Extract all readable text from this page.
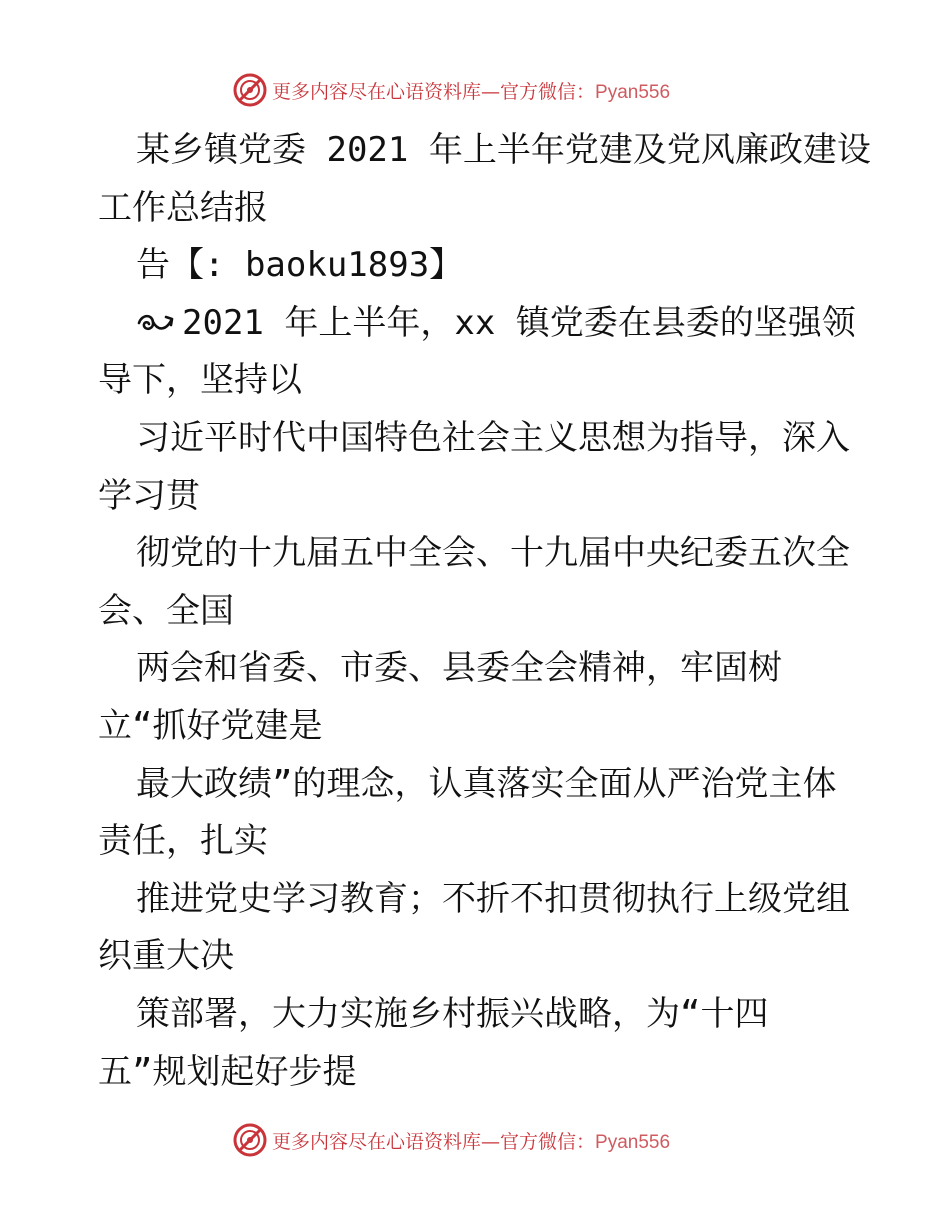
更多内容尽在心语资料库—官方微信：Pyan556
某乡镇党委 2021 年上半年党建及党风廉政建设
工作总结报
告【: baoku1893】
2021 年上半年，xx 镇党委在县委的坚强领
导下，坚持以
习近平时代中国特色社会主义思想为指导，深入
学习贯
彻党的十九届五中全会、十九届中央纪委五次全
会、全国
两会和省委、市委、县委全会精神，牢固树
立“抓好党建是
最大政绩”的理念，认真落实全面从严治党主体
责任，扎实
推进党史学习教育；不折不扣贯彻执行上级党组
织重大决
策部署，大力实施乡村振兴战略，为“十四
五”规划起好步提
更多内容尽在心语资料库—官方微信：Pyan556
